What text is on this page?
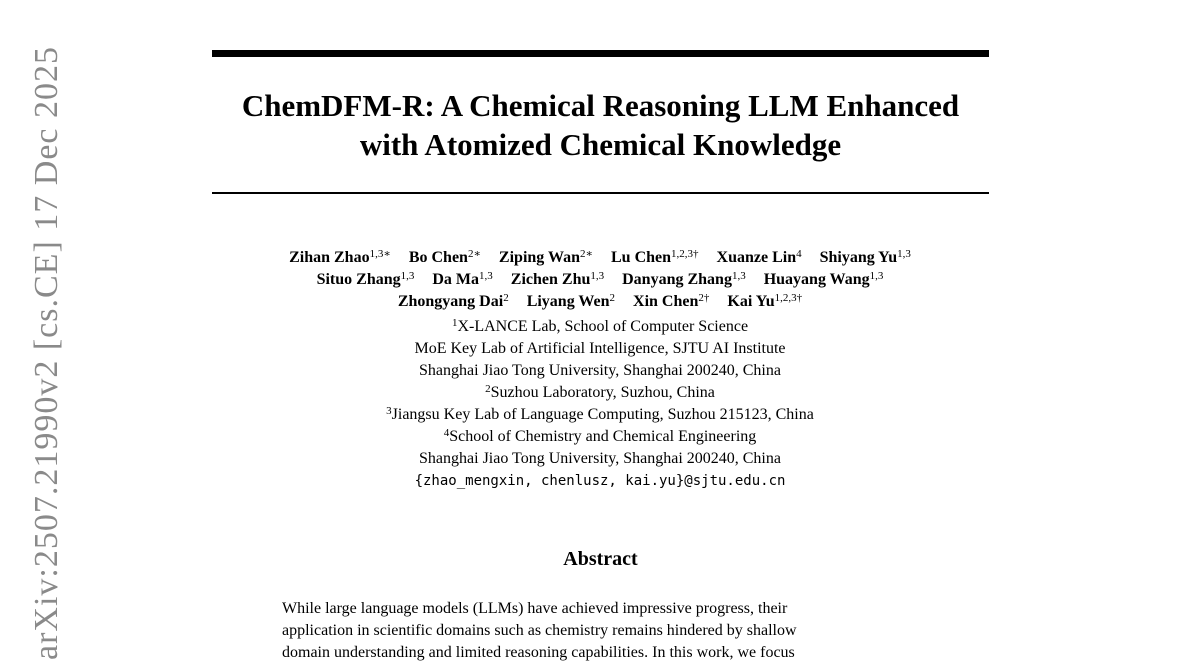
ChemDFM-R: A Chemical Reasoning LLM Enhanced
with Atomized Chemical Knowledge
Zihan Zhao$^{1,3∗}$ Bo Chen$^{2∗}$ Ziping Wan$^{2∗}$ Lu Chen$^{1,2,3\dagger}$ Xuanze Lin$^4$ Shiyang Yu$^{1,3}$
Situo Zhang$^{1,3}$ Da Ma$^{1,3}$ Zichen Zhu$^{1,3}$ Danyang Zhang$^{1,3}$ Huayang Wang$^{1,3}$
Zhongyang Dai$^2$ Liyang Wen$^2$ Xin Chen$^{2\dagger}$ Kai $Yu^{1,2,3\dagger}$
$^1$X-LANCE Lab, School of Computer Science
MoE Key Lab of Artificial Intelligence, SJTU AI Institute
Shanghai Jiao Tong University, Shanghai 200240, China
$^2$Suzhou Laboratory, Suzhou, China
$^3$Jiangsu Key Lab of Language Computing, Suzhou 215123, China
$^4$School of Chemistry and Chemical Engineering
Shanghai Jiao Tong University, Shanghai 200240, China
{zhao_mengxin, chenlusz, kai.yu}@sjtu.edu.cn
Abstract
While large language models (LLMs) have achieved impressive progress, their
application in scientific domains such as chemistry remains hindered by shallow
domain understanding and limited reasoning capabilities. In this work, we focus
arXiv:2507.21990v2 [cs.CE] 17 Dec 2025
